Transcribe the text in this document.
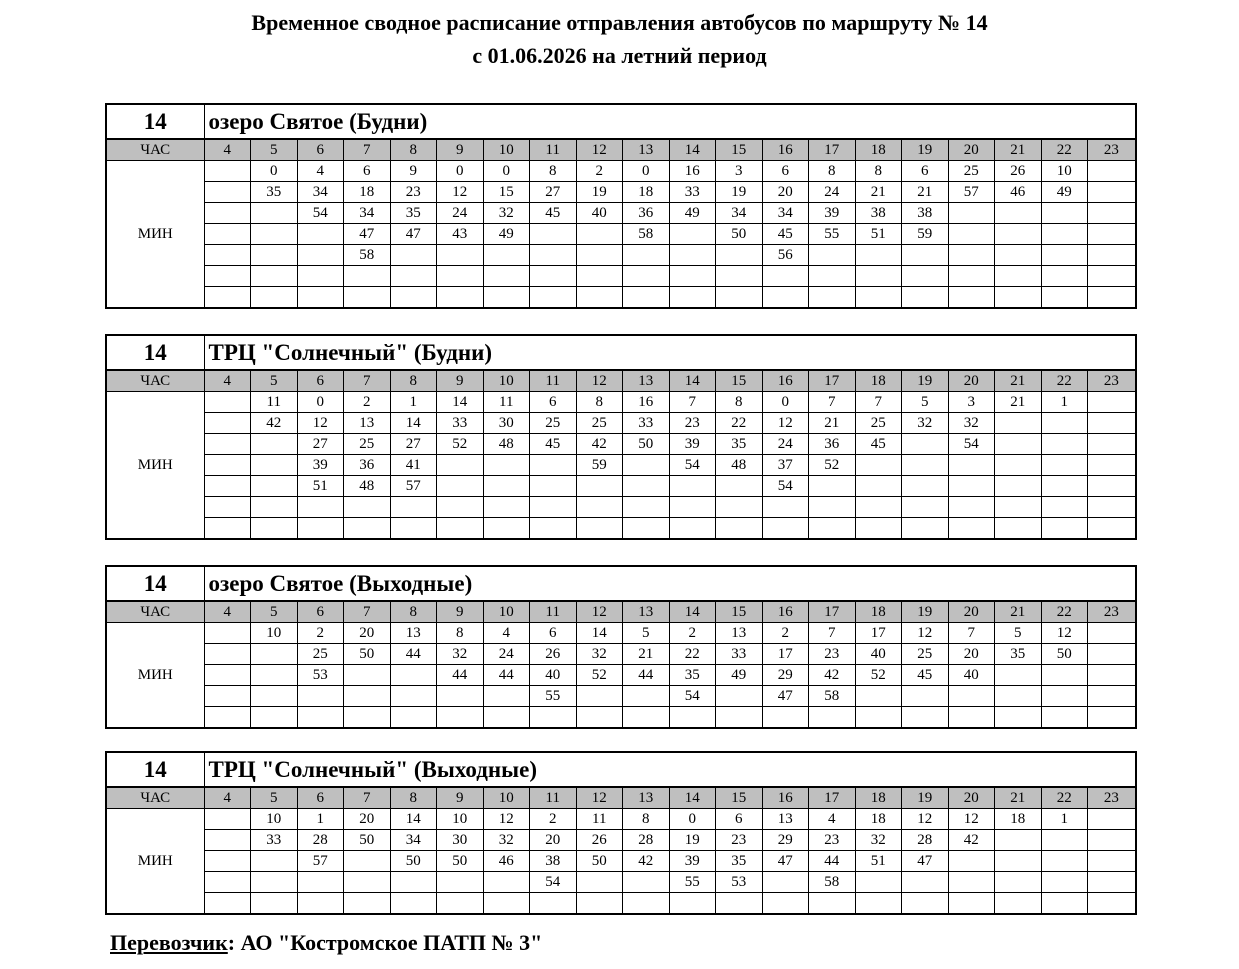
Временное сводное расписание отправления автобусов по маршруту № 14
с 01.06.2026 на летний период
14	озеро Святое (Будни)																			
ЧАС	4	5	6	7	8	9	10	11	12	13	14	15	16	17	18	19	20	21	22	23
МИН		0	4	6	9	0	0	8	2	0	16	3	6	8	8	6	25	26	10	
		35	34	18	23	12	15	27	19	18	33	19	20	24	21	21	57	46	49	
			54	34	35	24	32	45	40	36	49	34	34	39	38	38				
				47	47	43	49			58		50	45	55	51	59				
				58									56							

14	ТРЦ "Солнечный" (Будни)																			
ЧАС	4	5	6	7	8	9	10	11	12	13	14	15	16	17	18	19	20	21	22	23
МИН		11	0	2	1	14	11	6	8	16	7	8	0	7	7	5	3	21	1	
		42	12	13	14	33	30	25	25	33	23	22	12	21	25	32	32			
			27	25	27	52	48	45	42	50	39	35	24	36	45		54			
			39	36	41				59		54	48	37	52						
			51	48	57								54							

14	озеро Святое (Выходные)																			
ЧАС	4	5	6	7	8	9	10	11	12	13	14	15	16	17	18	19	20	21	22	23
МИН		10	2	20	13	8	4	6	14	5	2	13	2	7	17	12	7	5	12	
			25	50	44	32	24	26	32	21	22	33	17	23	40	25	20	35	50	
			53			44	44	40	52	44	35	49	29	42	52	45	40			
								55			54		47	58						

14	ТРЦ "Солнечный" (Выходные)																			
ЧАС	4	5	6	7	8	9	10	11	12	13	14	15	16	17	18	19	20	21	22	23
МИН		10	1	20	14	10	12	2	11	8	0	6	13	4	18	12	12	18	1	
		33	28	50	34	30	32	20	26	28	19	23	29	23	32	28	42			
			57		50	50	46	38	50	42	39	35	47	44	51	47				
								54			55	53		58						

Перевозчик: АО "Костромское ПАТП № 3"
